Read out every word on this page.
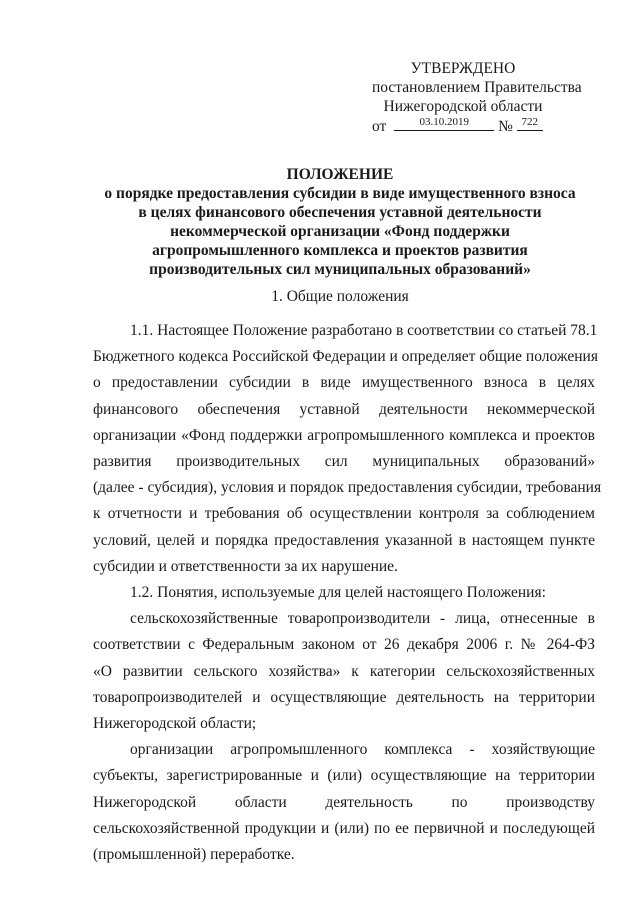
УТВЕРЖДЕНО
постановлением Правительства
Нижегородской области
от	03.10.2019	№ 722
ПОЛОЖЕНИЕ
о порядке предоставления субсидии в виде имущественного взноса
в целях финансового обеспечения уставной деятельности
некоммерческой организации «Фонд поддержки
агропромышленного комплекса и проектов развития
производительных сил муниципальных образований»
1. Общие положения
1.1. Настоящее Положение разработано в соответствии со статьей 78.1
Бюджетного кодекса Российской Федерации и определяет общие положения
о предоставлении субсидии в виде имущественного взноса в целях
финансового обеспечения уставной деятельности некоммерческой
организации «Фонд поддержки агропромышленного комплекса и проектов
развития производительных сил муниципальных образований»
(далее - субсидия), условия и порядок предоставления субсидии, требования
к отчетности и требования об осуществлении контроля за соблюдением
условий, целей и порядка предоставления указанной в настоящем пункте
субсидии и ответственности за их нарушение.
1.2. Понятия, используемые для целей настоящего Положения:
сельскохозяйственные товаропроизводители - лица, отнесенные в
соответствии с Федеральным законом от 26 декабря 2006 г. № 264-ФЗ
«О развитии сельского хозяйства» к категории сельскохозяйственных
товаропроизводителей и осуществляющие деятельность на территории
Нижегородской области;
организации агропромышленного комплекса - хозяйствующие
субъекты, зарегистрированные и (или) осуществляющие на территории
Нижегородской области деятельность по производству
сельскохозяйственной продукции и (или) по ее первичной и последующей
(промышленной) переработке.
